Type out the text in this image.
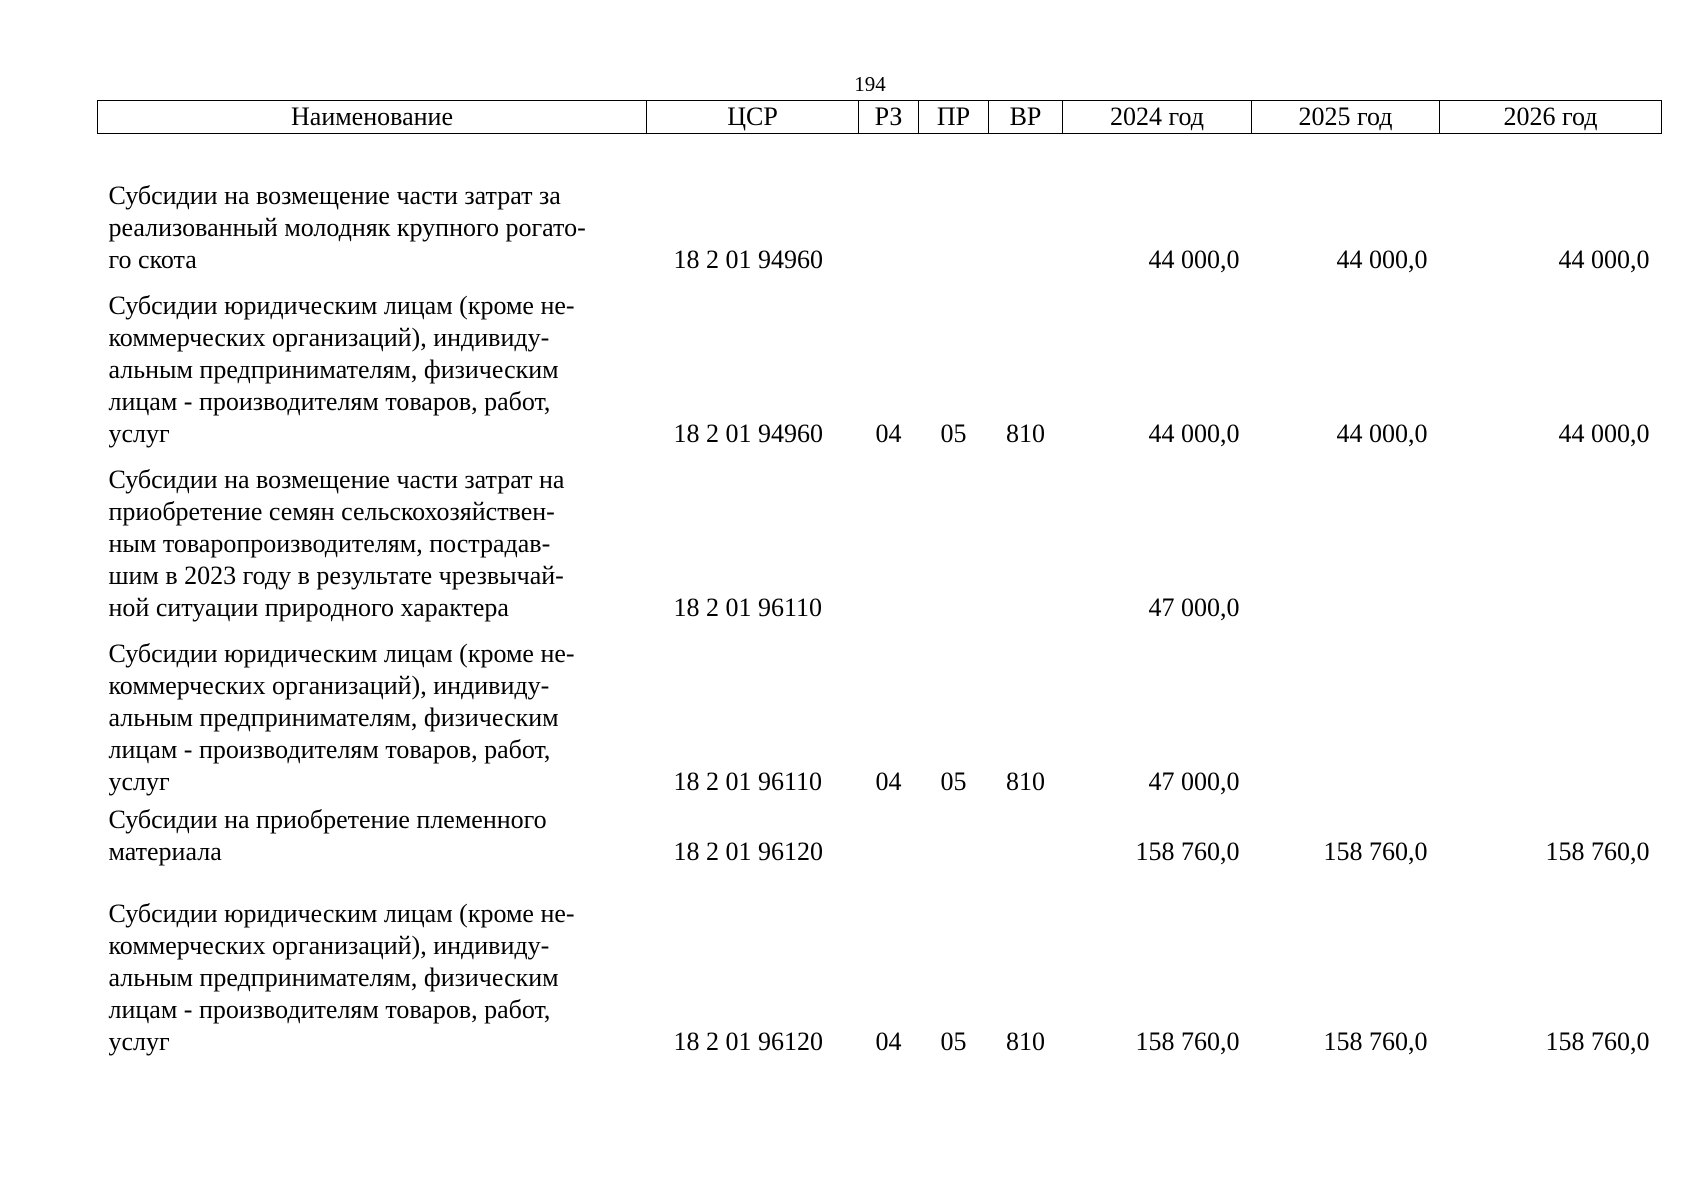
194
Наименование	ЦСР	РЗ	ПР	ВР	2024 год	2025 год	2026 год

Субсидии на возмещение части затрат за
реализованный молодняк крупного рогато-
го скота	18 2 01 94960				44 000,0	44 000,0	44 000,0

Субсидии юридическим лицам (кроме не-
коммерческих организаций), индивиду-
альным предпринимателям, физическим
лицам - производителям товаров, работ,
услуг	18 2 01 94960	04	05	810	44 000,0	44 000,0	44 000,0

Субсидии на возмещение части затрат на
приобретение семян сельскохозяйствен-
ным товаропроизводителям, пострадав-
шим в 2023 году в результате чрезвычай-
ной ситуации природного характера	18 2 01 96110				47 000,0		

Субсидии юридическим лицам (кроме не-
коммерческих организаций), индивиду-
альным предпринимателям, физическим
лицам - производителям товаров, работ,
услуг	18 2 01 96110	04	05	810	47 000,0		

Субсидии на приобретение племенного
материала	18 2 01 96120				158 760,0	158 760,0	158 760,0

Субсидии юридическим лицам (кроме не-
коммерческих организаций), индивиду-
альным предпринимателям, физическим
лицам - производителям товаров, работ,
услуг	18 2 01 96120	04	05	810	158 760,0	158 760,0	158 760,0
